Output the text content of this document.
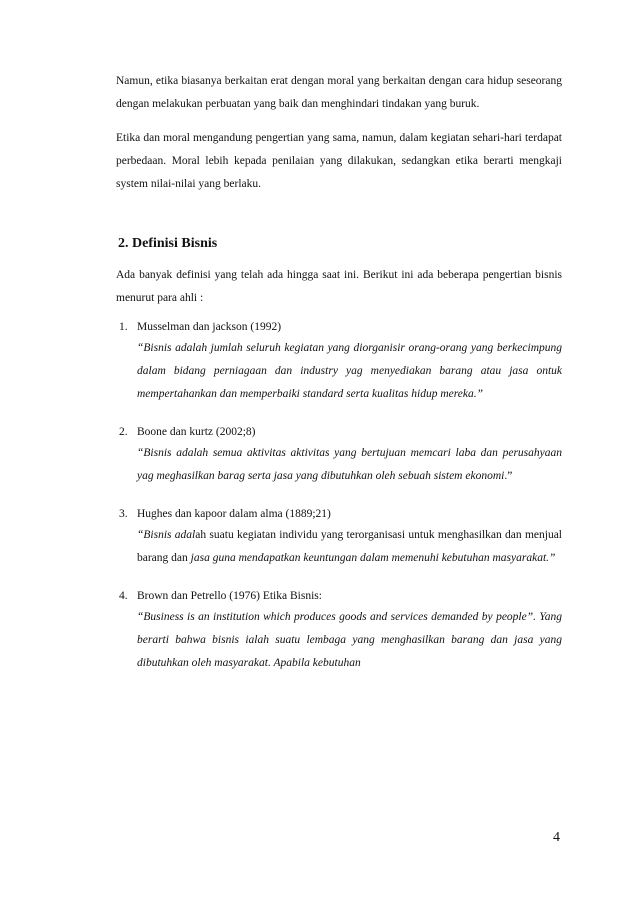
Namun, etika biasanya berkaitan erat dengan moral yang berkaitan dengan cara hidup seseorang dengan melakukan perbuatan yang baik dan menghindari tindakan yang buruk.

Etika dan moral mengandung pengertian yang sama, namun, dalam kegiatan sehari-hari terdapat perbedaan. Moral lebih kepada penilaian yang dilakukan, sedangkan etika berarti mengkaji system nilai-nilai yang berlaku.

2. Definisi Bisnis

Ada banyak definisi yang telah ada hingga saat ini. Berikut ini ada beberapa pengertian bisnis menurut para ahli :

1. Musselman dan jackson (1992)

“Bisnis adalah jumlah seluruh kegiatan yang diorganisir orang-orang yang berkecimpung dalam bidang perniagaan dan industry yag menyediakan barang atau jasa ontuk mempertahankan dan memperbaiki standard serta kualitas hidup mereka.”

2. Boone dan kurtz (2002;8)

“Bisnis adalah semua aktivitas aktivitas yang bertujuan memcari laba dan perusahyaan yag meghasilkan barag serta jasa yang dibutuhkan oleh sebuah sistem ekonomi.”

3. Hughes dan kapoor dalam alma (1889;21)

“Bisnis adalah suatu kegiatan individu yang terorganisasi untuk menghasilkan dan menjual barang dan jasa guna mendapatkan keuntungan dalam memenuhi kebutuhan masyarakat.”

4. Brown dan Petrello (1976) Etika Bisnis:

“Business is an institution which produces goods and services demanded by people”. Yang berarti bahwa bisnis ialah suatu lembaga yang menghasilkan barang dan jasa yang dibutuhkan oleh masyarakat. Apabila kebutuhan

4
